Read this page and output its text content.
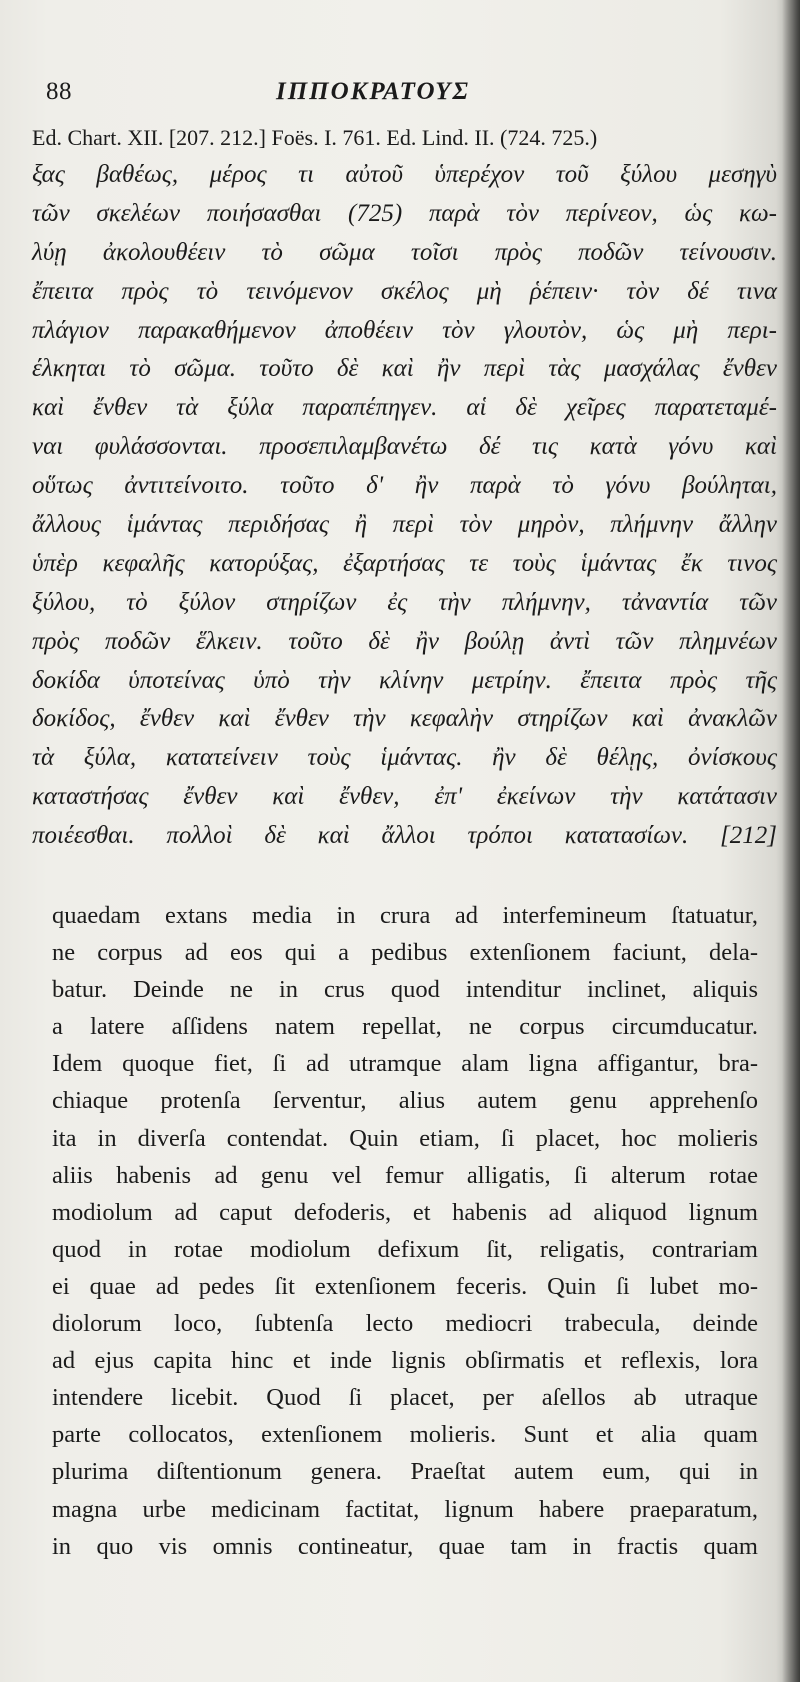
88	ΙΠΠΟΚΡΑΤΟΥΣ
Ed. Chart. XII. [207. 212.] Foës. I. 761. Ed. Lind. II. (724. 725.)
ξας βαθέως, μέρος τι αὐτοῦ ὑπερέχον τοῦ ξύλου μεσηγὺ
τῶν σκελέων ποιήσασθαι (725) παρὰ τὸν περίνεον, ὡς κω-
λύῃ ἀκολουθέειν τὸ σῶμα τοῖσι πρὸς ποδῶν τείνουσιν.
ἔπειτα πρὸς τὸ τεινόμενον σκέλος μὴ ῥέπειν· τὸν δέ τινα
πλάγιον παρακαθήμενον ἀποθέειν τὸν γλουτὸν, ὡς μὴ περι-
έλκηται τὸ σῶμα. τοῦτο δὲ καὶ ἢν περὶ τὰς μασχάλας ἔνθεν
καὶ ἔνθεν τὰ ξύλα παραπέπηγεν. αἱ δὲ χεῖρες παρατεταμέ-
ναι φυλάσσονται. προσεπιλαμβανέτω δέ τις κατὰ γόνυ καὶ
οὕτως ἀντιτείνοιτο. τοῦτο δ' ἢν παρὰ τὸ γόνυ βούληται,
ἄλλους ἱμάντας περιδήσας ἢ περὶ τὸν μηρὸν, πλήμνην ἄλλην
ὑπὲρ κεφαλῆς κατορύξας, ἐξαρτήσας τε τοὺς ἱμάντας ἔκ τινος
ξύλου, τὸ ξύλον στηρίζων ἐς τὴν πλήμνην, τἀναντία τῶν
πρὸς ποδῶν ἕλκειν. τοῦτο δὲ ἢν βούλῃ ἀντὶ τῶν πλημνέων
δοκίδα ὑποτείνας ὑπὸ τὴν κλίνην μετρίην. ἔπειτα πρὸς τῆς
δοκίδος, ἔνθεν καὶ ἔνθεν τὴν κεφαλὴν στηρίζων καὶ ἀνακλῶν
τὰ ξύλα, κατατείνειν τοὺς ἱμάντας. ἢν δὲ θέλῃς, ὀνίσκους
καταστήσας ἔνθεν καὶ ἔνθεν, ἐπ' ἐκείνων τὴν κατάτασιν
ποιέεσθαι. πολλοὶ δὲ καὶ ἄλλοι τρόποι κατατασίων. [212]
quaedam extans media in crura ad interfemineum ſtatuatur,
ne corpus ad eos qui a pedibus extenſionem faciunt, dela-
batur. Deinde ne in crus quod intenditur inclinet, aliquis
a latere aſſidens natem repellat, ne corpus circumducatur.
Idem quoque fiet, ſi ad utramque alam ligna affigantur, bra-
chiaque protenſa ſerventur, alius autem genu apprehenſo
ita in diverſa contendat. Quin etiam, ſi placet, hoc molieris
aliis habenis ad genu vel femur alligatis, ſi alterum rotae
modiolum ad caput defoderis, et habenis ad aliquod lignum
quod in rotae modiolum defixum ſit, religatis, contrariam
ei quae ad pedes ſit extenſionem feceris. Quin ſi lubet mo-
diolorum loco, ſubtenſa lecto mediocri trabecula, deinde
ad ejus capita hinc et inde lignis obſirmatis et reflexis, lora
intendere licebit. Quod ſi placet, per aſellos ab utraque
parte collocatos, extenſionem molieris. Sunt et alia quam
plurima diſtentionum genera. Praeſtat autem eum, qui in
magna urbe medicinam factitat, lignum habere praeparatum,
in quo vis omnis contineatur, quae tam in fractis quam
